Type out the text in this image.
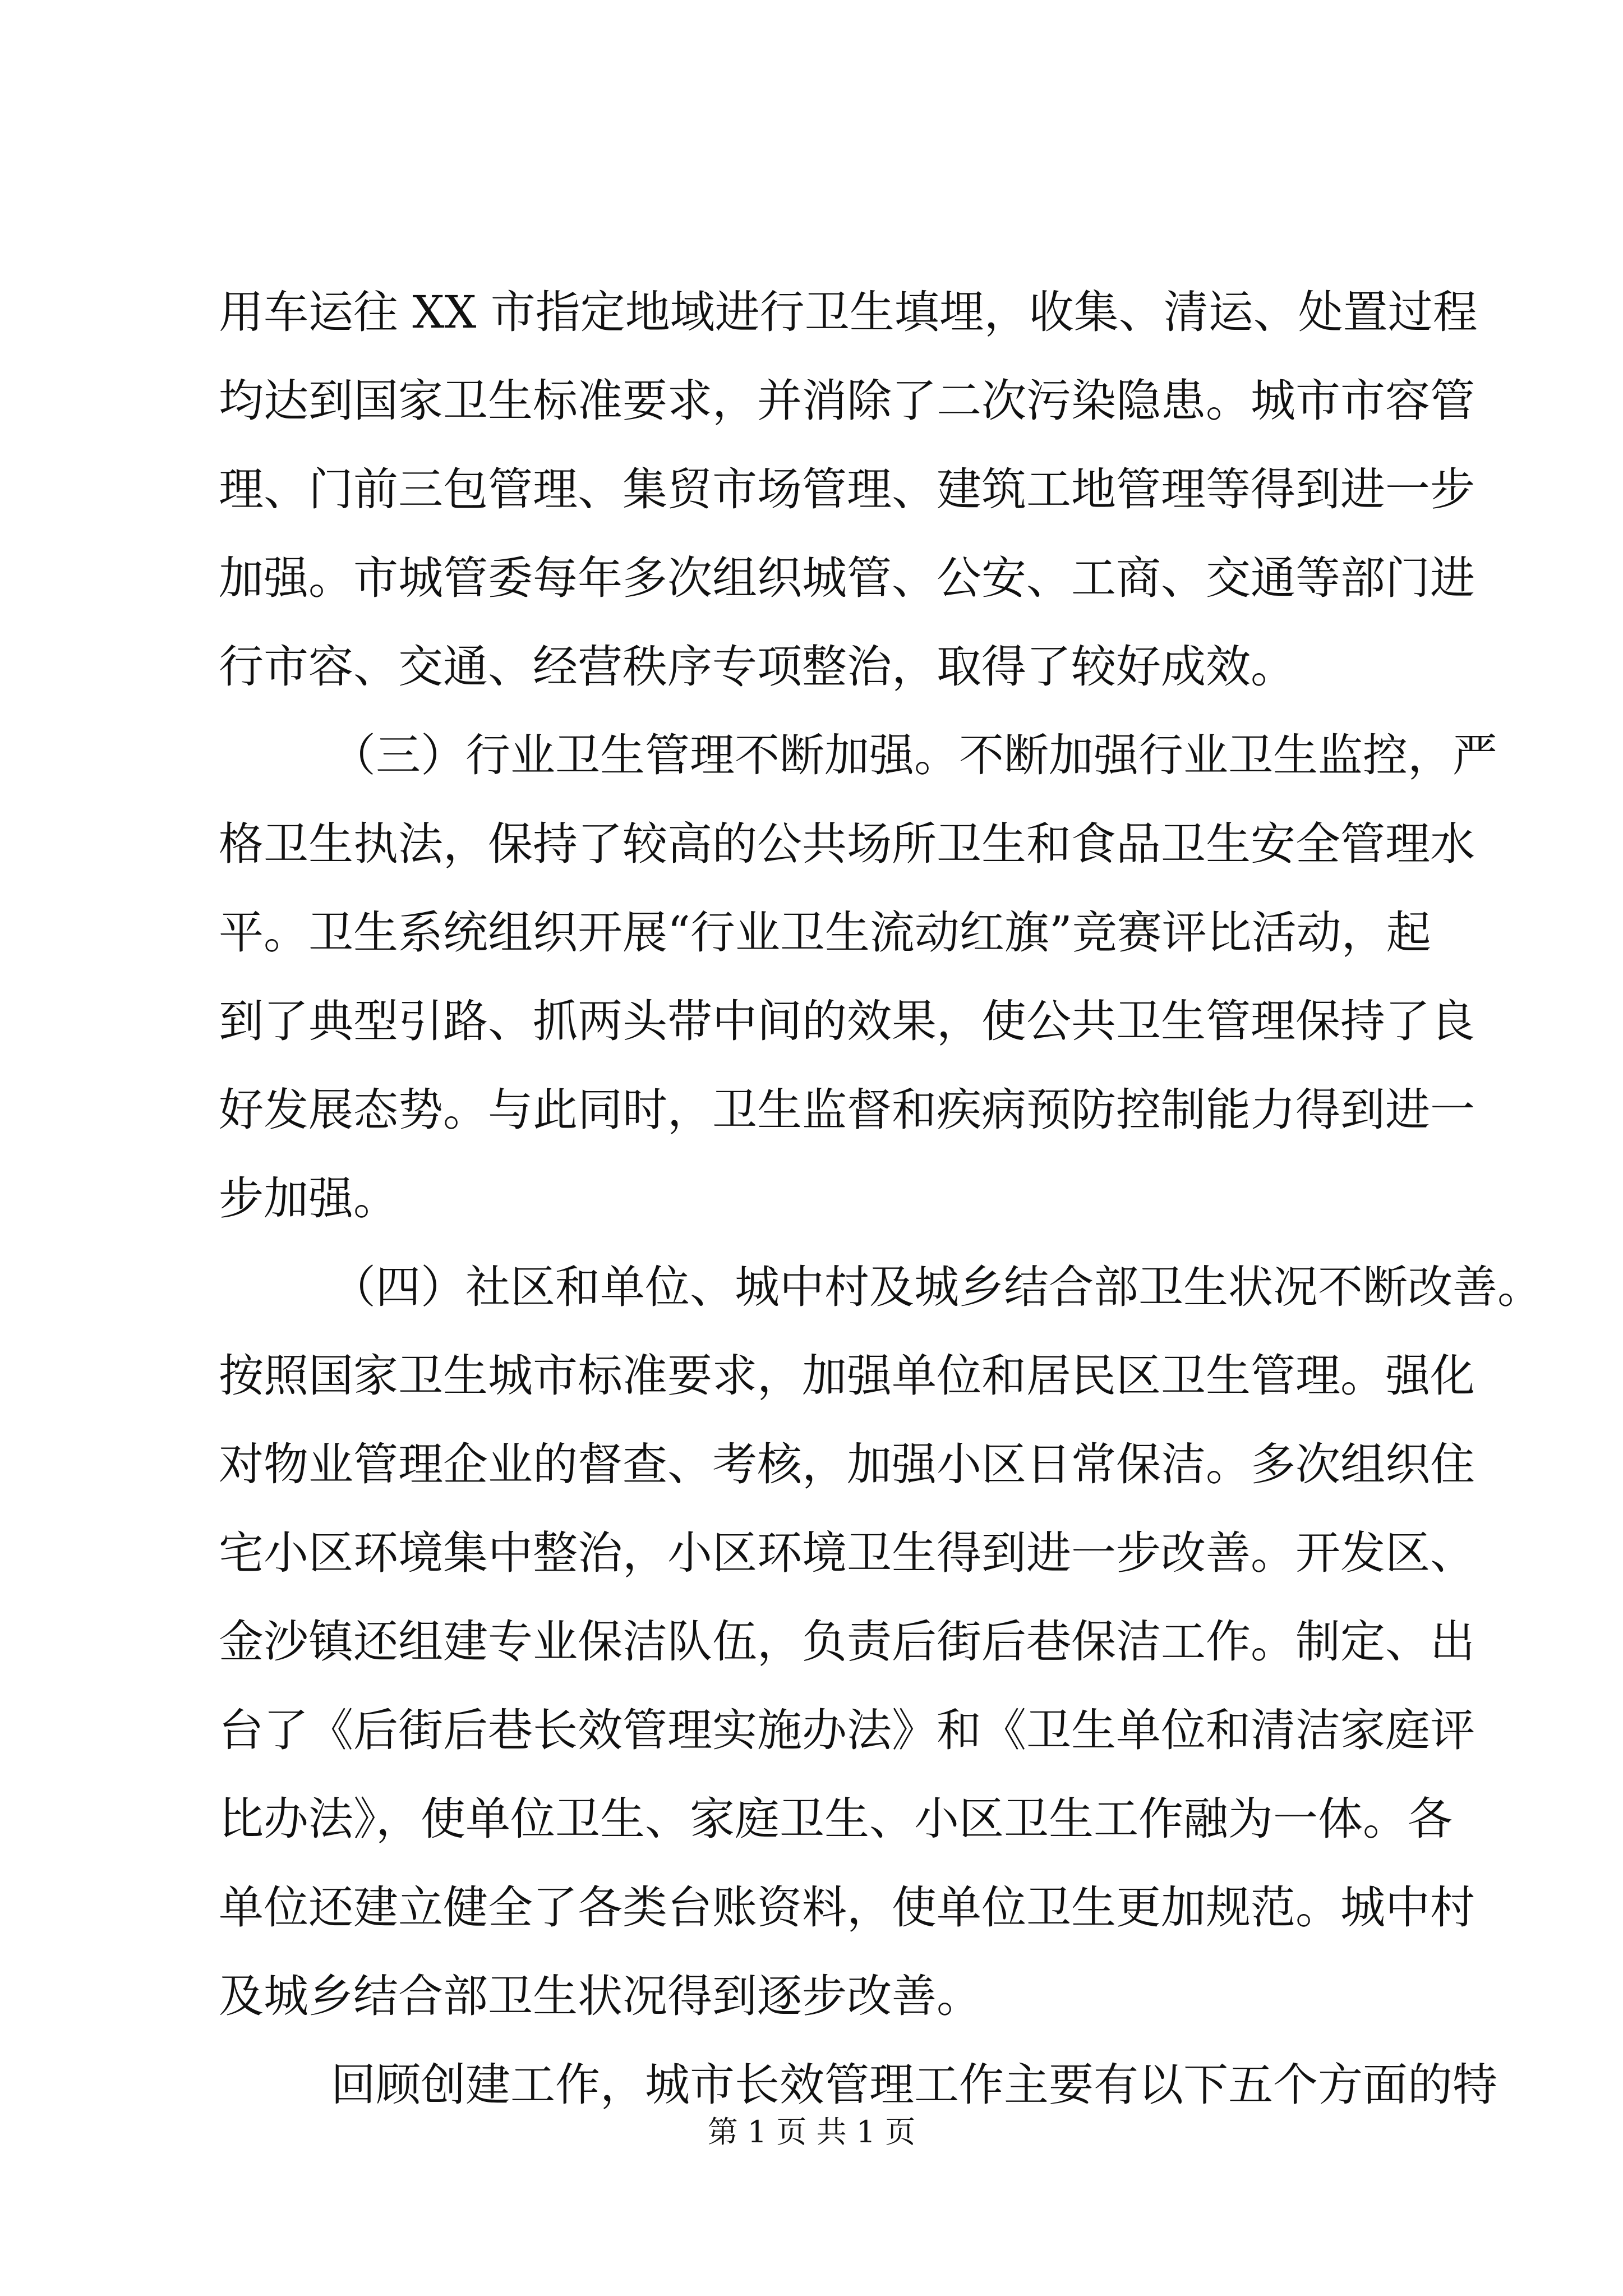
用车运往 XX 市指定地域进行卫生填埋，收集、清运、处置过程
均达到国家卫生标准要求，并消除了二次污染隐患。城市市容管
理、门前三包管理、集贸市场管理、建筑工地管理等得到进一步
加强。市城管委每年多次组织城管、公安、工商、交通等部门进
行市容、交通、经营秩序专项整治，取得了较好成效。
（三）行业卫生管理不断加强。不断加强行业卫生监控，严
格卫生执法，保持了较高的公共场所卫生和食品卫生安全管理水
平。卫生系统组织开展“行业卫生流动红旗”竞赛评比活动，起
到了典型引路、抓两头带中间的效果，使公共卫生管理保持了良
好发展态势。与此同时，卫生监督和疾病预防控制能力得到进一
步加强。
（四）社区和单位、城中村及城乡结合部卫生状况不断改善。
按照国家卫生城市标准要求，加强单位和居民区卫生管理。强化
对物业管理企业的督查、考核，加强小区日常保洁。多次组织住
宅小区环境集中整治，小区环境卫生得到进一步改善。开发区、
金沙镇还组建专业保洁队伍，负责后街后巷保洁工作。制定、出
台了《后街后巷长效管理实施办法》和《卫生单位和清洁家庭评
比办法》，使单位卫生、家庭卫生、小区卫生工作融为一体。各
单位还建立健全了各类台账资料，使单位卫生更加规范。城中村
及城乡结合部卫生状况得到逐步改善。
回顾创建工作，城市长效管理工作主要有以下五个方面的特
第 1 页 共 1 页
